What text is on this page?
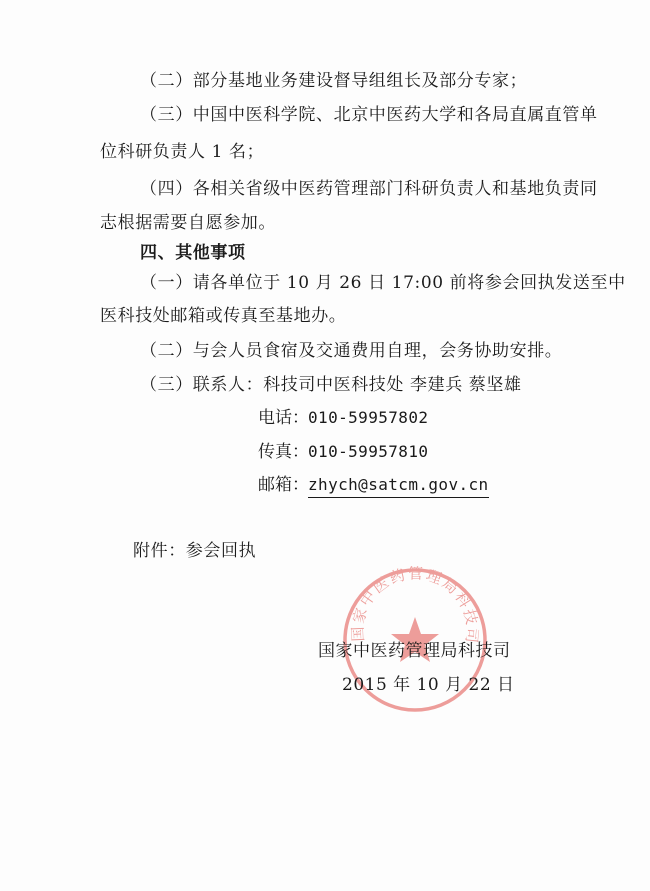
（二）部分基地业务建设督导组组长及部分专家；
（三）中国中医科学院、北京中医药大学和各局直属直管单
位科研负责人 1 名；
（四）各相关省级中医药管理部门科研负责人和基地负责同
志根据需要自愿参加。
四、其他事项
（一）请各单位于 10 月 26 日 17:00 前将参会回执发送至中
医科技处邮箱或传真至基地办。
（二）与会人员食宿及交通费用自理，会务协助安排。
（三）联系人：科技司中医科技处 李建兵 蔡坚雄
电话： 010-59957802
传真： 010-59957810
邮箱： zhych@satcm.gov.cn
附件：参会回执
国家中医药管理局科技司
国家中医药管理局科技司
2015 年 10 月 22 日
